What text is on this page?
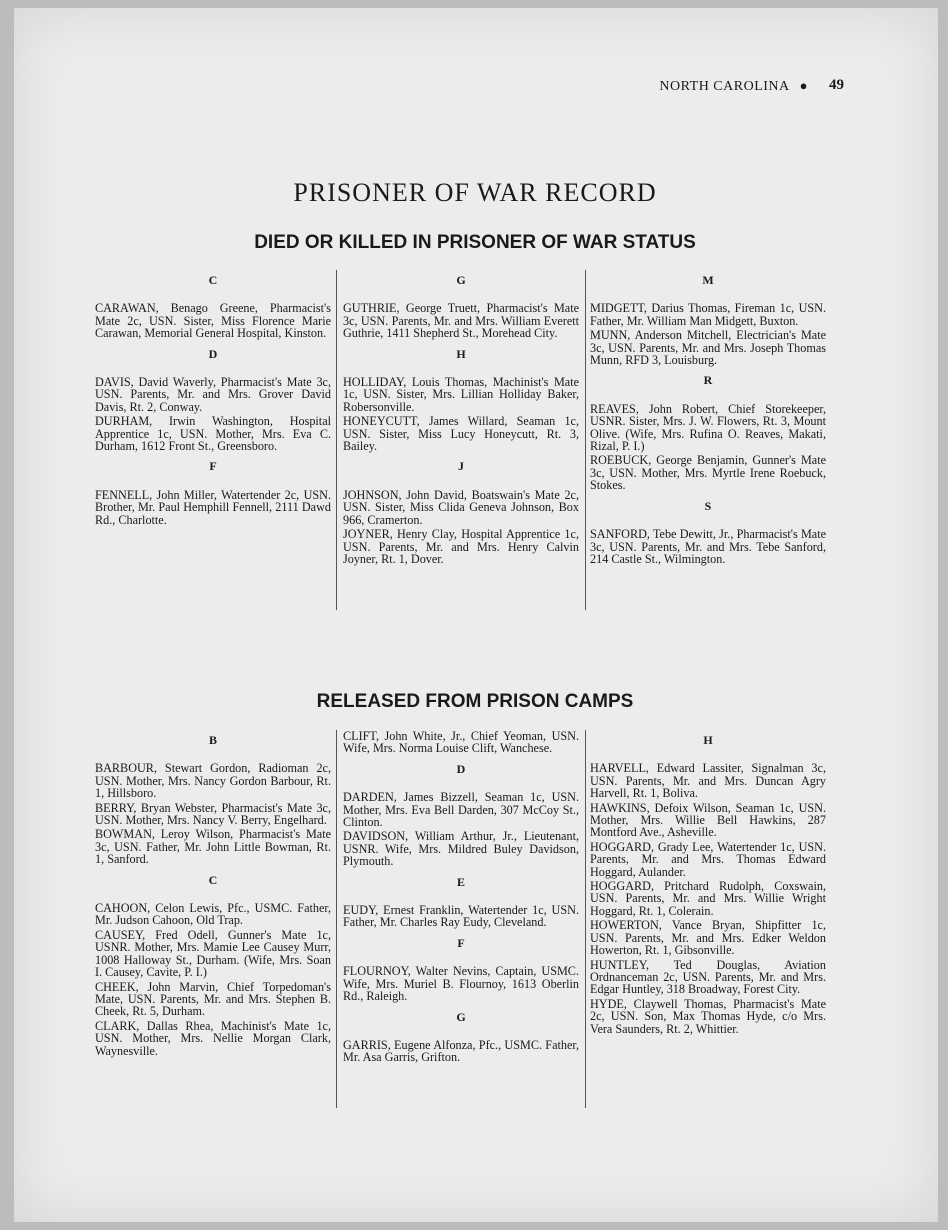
NORTH CAROLINA ●	49
PRISONER OF WAR RECORD
DIED OR KILLED IN PRISONER OF WAR STATUS

C

CARAWAN, Benago Greene, Pharmacist's Mate 2c, USN. Sister, Miss Florence Marie Carawan, Memorial General Hospital, Kinston.

D

DAVIS, David Waverly, Pharmacist's Mate 3c, USN. Parents, Mr. and Mrs. Grover David Davis, Rt. 2, Conway.

DURHAM, Irwin Washington, Hospital Apprentice 1c, USN. Mother, Mrs. Eva C. Durham, 1612 Front St., Greensboro.

F

FENNELL, John Miller, Watertender 2c, USN. Brother, Mr. Paul Hemphill Fennell, 2111 Dawd Rd., Charlotte.

G

GUTHRIE, George Truett, Pharmacist's Mate 3c, USN. Parents, Mr. and Mrs. William Everett Guthrie, 1411 Shepherd St., Morehead City.

H

HOLLIDAY, Louis Thomas, Machinist's Mate 1c, USN. Sister, Mrs. Lillian Holliday Baker, Robersonville.

HONEYCUTT, James Willard, Seaman 1c, USN. Sister, Miss Lucy Honeycutt, Rt. 3, Bailey.

J

JOHNSON, John David, Boatswain's Mate 2c, USN. Sister, Miss Clida Geneva Johnson, Box 966, Cramerton.

JOYNER, Henry Clay, Hospital Apprentice 1c, USN. Parents, Mr. and Mrs. Henry Calvin Joyner, Rt. 1, Dover.

M

MIDGETT, Darius Thomas, Fireman 1c, USN. Father, Mr. William Man Midgett, Buxton.

MUNN, Anderson Mitchell, Electrician's Mate 3c, USN. Parents, Mr. and Mrs. Joseph Thomas Munn, RFD 3, Louisburg.

R

REAVES, John Robert, Chief Storekeeper, USNR. Sister, Mrs. J. W. Flowers, Rt. 3, Mount Olive. (Wife, Mrs. Rufina O. Reaves, Makati, Rizal, P. I.)

ROEBUCK, George Benjamin, Gunner's Mate 3c, USN. Mother, Mrs. Myrtle Irene Roebuck, Stokes.

S

SANFORD, Tebe Dewitt, Jr., Pharmacist's Mate 3c, USN. Parents, Mr. and Mrs. Tebe Sanford, 214 Castle St., Wilmington.

RELEASED FROM PRISON CAMPS

B

BARBOUR, Stewart Gordon, Radioman 2c, USN. Mother, Mrs. Nancy Gordon Barbour, Rt. 1, Hillsboro.

BERRY, Bryan Webster, Pharmacist's Mate 3c, USN. Mother, Mrs. Nancy V. Berry, Engelhard.

BOWMAN, Leroy Wilson, Pharmacist's Mate 3c, USN. Father, Mr. John Little Bowman, Rt. 1, Sanford.

C

CAHOON, Celon Lewis, Pfc., USMC. Father, Mr. Judson Cahoon, Old Trap.

CAUSEY, Fred Odell, Gunner's Mate 1c, USNR. Mother, Mrs. Mamie Lee Causey Murr, 1008 Halloway St., Durham. (Wife, Mrs. Soan I. Causey, Cavite, P. I.)

CHEEK, John Marvin, Chief Torpedoman's Mate, USN. Parents, Mr. and Mrs. Stephen B. Cheek, Rt. 5, Durham.

CLARK, Dallas Rhea, Machinist's Mate 1c, USN. Mother, Mrs. Nellie Morgan Clark, Waynesville.

CLIFT, John White, Jr., Chief Yeoman, USN. Wife, Mrs. Norma Louise Clift, Wanchese.

D

DARDEN, James Bizzell, Seaman 1c, USN. Mother, Mrs. Eva Bell Darden, 307 McCoy St., Clinton.

DAVIDSON, William Arthur, Jr., Lieutenant, USNR. Wife, Mrs. Mildred Buley Davidson, Plymouth.

E

EUDY, Ernest Franklin, Watertender 1c, USN. Father, Mr. Charles Ray Eudy, Cleveland.

F

FLOURNOY, Walter Nevins, Captain, USMC. Wife, Mrs. Muriel B. Flournoy, 1613 Oberlin Rd., Raleigh.

G

GARRIS, Eugene Alfonza, Pfc., USMC. Father, Mr. Asa Garris, Grifton.

H

HARVELL, Edward Lassiter, Signalman 3c, USN. Parents, Mr. and Mrs. Duncan Agry Harvell, Rt. 1, Boliva.

HAWKINS, Defoix Wilson, Seaman 1c, USN. Mother, Mrs. Willie Bell Hawkins, 287 Montford Ave., Asheville.

HOGGARD, Grady Lee, Watertender 1c, USN. Parents, Mr. and Mrs. Thomas Edward Hoggard, Aulander.

HOGGARD, Pritchard Rudolph, Coxswain, USN. Parents, Mr. and Mrs. Willie Wright Hoggard, Rt. 1, Colerain.

HOWERTON, Vance Bryan, Shipfitter 1c, USN. Parents, Mr. and Mrs. Edker Weldon Howerton, Rt. 1, Gibsonville.

HUNTLEY, Ted Douglas, Aviation Ordnanceman 2c, USN. Parents, Mr. and Mrs. Edgar Huntley, 318 Broadway, Forest City.

HYDE, Claywell Thomas, Pharmacist's Mate 2c, USN. Son, Max Thomas Hyde, c/o Mrs. Vera Saunders, Rt. 2, Whittier.
